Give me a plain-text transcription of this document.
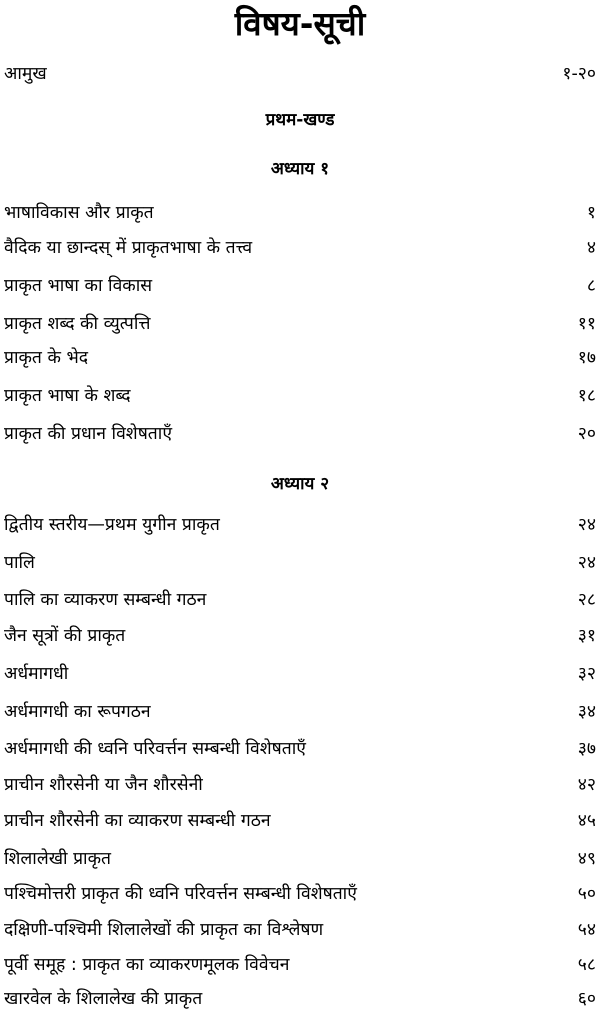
विषय-सूची
आमुख	१-२०
प्रथम-खण्ड
अध्याय १
भाषाविकास और प्राकृत	१
वैदिक या छान्दस् में प्राकृतभाषा के तत्त्व	४
प्राकृत भाषा का विकास	८
प्राकृत शब्द की व्युत्पत्ति	११
प्राकृत के भेद	१७
प्राकृत भाषा के शब्द	१८
प्राकृत की प्रधान विशेषताएँ	२०
अध्याय २
द्वितीय स्तरीय—प्रथम युगीन प्राकृत	२४
पालि	२४
पालि का व्याकरण सम्बन्धी गठन	२८
जैन सूत्रों की प्राकृत	३१
अर्धमागधी	३२
अर्धमागधी का रूपगठन	३४
अर्धमागधी की ध्वनि परिवर्त्तन सम्बन्धी विशेषताएँ	३७
प्राचीन शौरसेनी या जैन शौरसेनी	४२
प्राचीन शौरसेनी का व्याकरण सम्बन्धी गठन	४५
शिलालेखी प्राकृत	४९
पश्चिमोत्तरी प्राकृत की ध्वनि परिवर्त्तन सम्बन्धी विशेषताएँ	५०
दक्षिणी-पश्चिमी शिलालेखों की प्राकृत का विश्लेषण	५४
पूर्वी समूह : प्राकृत का व्याकरणमूलक विवेचन	५८
खारवेल के शिलालेख की प्राकृत	६०
